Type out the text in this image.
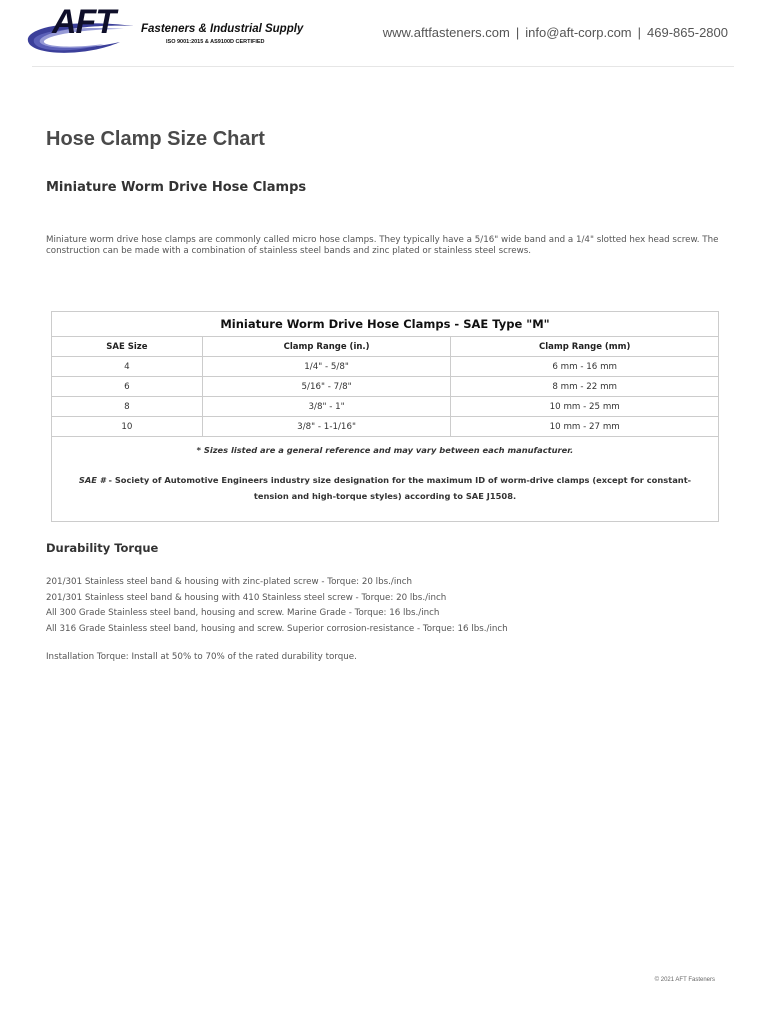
AFT Fasteners & Industrial Supply
ISO 9001:2015 & AS9100D CERTIFIED
www.aftfasteners.com | info@aft-corp.com | 469-865-2800
Hose Clamp Size Chart
Miniature Worm Drive Hose Clamps

Miniature worm drive hose clamps are commonly called micro hose clamps. They typically have a 5/16" wide band and a 1/4" slotted hex head screw. The construction can be made with a combination of stainless steel bands and zinc plated or stainless steel screws.

Miniature Worm Drive Hose Clamps - SAE Type "M"		
SAE Size	Clamp Range (in.)	Clamp Range (mm)
4	1/4" - 5/8"	6 mm - 16 mm
6	5/16" - 7/8"	8 mm - 22 mm
8	3/8" - 1"	10 mm - 25 mm
10	3/8" - 1-1/16"	10 mm - 27 mm

* Sizes listed are a general reference and may vary between each manufacturer.
SAE # - Society of Automotive Engineers industry size designation for the maximum ID of worm-drive clamps (except for constant-tension and high-torque styles) according to SAE J1508.		
Durability Torque
201/301 Stainless steel band & housing with zinc-plated screw - Torque: 20 lbs./inch
201/301 Stainless steel band & housing with 410 Stainless steel screw - Torque: 20 lbs./inch
All 300 Grade Stainless steel band, housing and screw. Marine Grade - Torque: 16 lbs./inch
All 316 Grade Stainless steel band, housing and screw. Superior corrosion-resistance - Torque: 16 lbs./inch

Installation Torque: Install at 50% to 70% of the rated durability torque.

© 2021 AFT Fasteners
